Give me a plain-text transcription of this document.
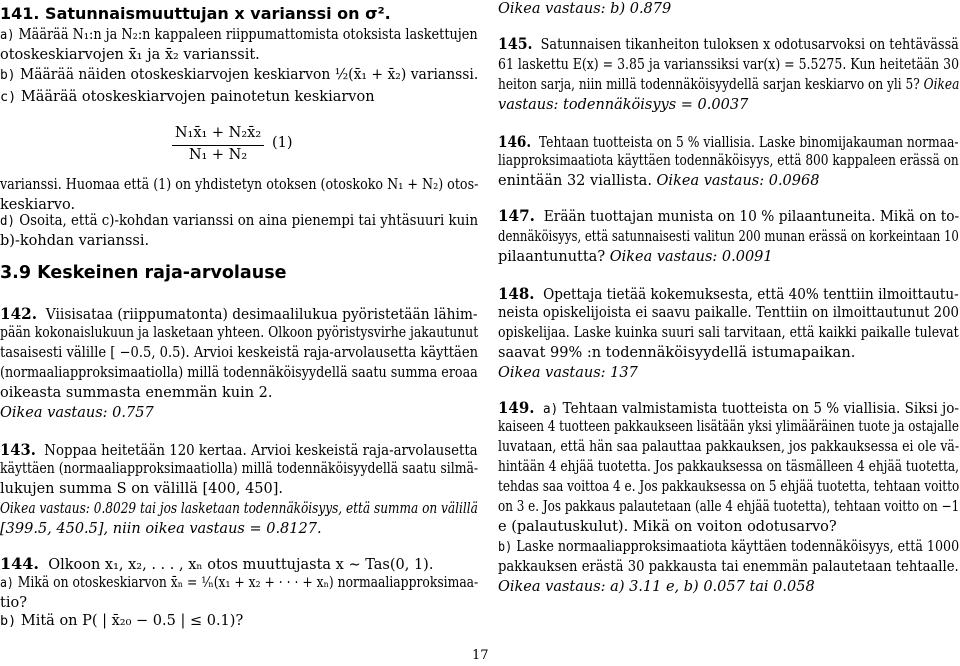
141. Satunnaismuuttujan x varianssi on σ².
a) Määrää N₁:n ja N₂:n kappaleen riippumattomista otoksista laskettujen
otoskeskiarvojen x̄₁ ja x̄₂ varianssit.
b) Määrää näiden otoskeskiarvojen keskiarvon ½(x̄₁ + x̄₂) varianssi.
c) Määrää otoskeskiarvojen painotetun keskiarvon
$\frac{\text{N₁x̄₁ + N₂x̄₂}}{\text{N₁ + N₂}} (1)$
varianssi. Huomaa että (1) on yhdistetyn otoksen (otoskoko N₁ + N₂) otos-
keskiarvo.
d) Osoita, että c)-kohdan varianssi on aina pienempi tai yhtäsuuri kuin
b)-kohdan varianssi.
3.9 Keskeinen raja-arvolause
142. Viisisataa (riippumatonta) desimaalilukua pyöristetään lähim-
pään kokonaislukuun ja lasketaan yhteen. Olkoon pyöristysvirhe jakautunut
tasaisesti välille [ −0.5, 0.5). Arvioi keskeistä raja-arvolausetta käyttäen
(normaaliapproksimaatiolla) millä todennäköisyydellä saatu summa eroaa
oikeasta summasta enemmän kuin 2.
Oikea vastaus: 0.757
143. Noppaa heitetään 120 kertaa. Arvioi keskeistä raja-arvolausetta
käyttäen (normaaliapproksimaatiolla) millä todennäköisyydellä saatu silmä-
lukujen summa S on välillä [400, 450].
Oikea vastaus: 0.8029 tai jos lasketaan todennäköisyys, että summa on välillä
[399.5, 450.5], niin oikea vastaus = 0.8127.
144. Olkoon x₁, x₂, . . . , xₙ otos muuttujasta x ∼ Tas(0, 1).
a) Mikä on otoskeskiarvon x̄ₙ = ¹⁄ₙ(x₁ + x₂ + · · · + xₙ) normaaliapproksimaa-
tio?
b) Mitä on P( | x̄₂₀ − 0.5 | ≤ 0.1)?
Oikea vastaus: b) 0.879
145. Satunnaisen tikanheiton tuloksen x odotusarvoksi on tehtävässä
61 laskettu E(x) = 3.85 ja varianssiksi var(x) = 5.5275. Kun heitetään 30
heiton sarja, niin millä todennäköisyydellä sarjan keskiarvo on yli 5? Oikea
vastaus: todennäköisyys = 0.0037
146. Tehtaan tuotteista on 5 % viallisia. Laske binomijakauman normaa-
liapproksimaatiota käyttäen todennäköisyys, että 800 kappaleen erässä on
enintään 32 viallista. Oikea vastaus: 0.0968
147. Erään tuottajan munista on 10 % pilaantuneita. Mikä on to-
dennäköisyys, että satunnaisesti valitun 200 munan erässä on korkeintaan 10
pilaantunutta? Oikea vastaus: 0.0091
148. Opettaja tietää kokemuksesta, että 40% tenttiin ilmoittautu-
neista opiskelijoista ei saavu paikalle. Tenttiin on ilmoittautunut 200
opiskelijaa. Laske kuinka suuri sali tarvitaan, että kaikki paikalle tulevat
saavat 99% :n todennäköisyydellä istumapaikan.
Oikea vastaus: 137
149. a) Tehtaan valmistamista tuotteista on 5 % viallisia. Siksi jo-
kaiseen 4 tuotteen pakkaukseen lisätään yksi ylimääräinen tuote ja ostajalle
luvataan, että hän saa palauttaa pakkauksen, jos pakkauksessa ei ole vä-
hintään 4 ehjää tuotetta. Jos pakkauksessa on täsmälleen 4 ehjää tuotetta,
tehdas saa voittoa 4 e. Jos pakkauksessa on 5 ehjää tuotetta, tehtaan voitto
on 3 e. Jos pakkaus palautetaan (alle 4 ehjää tuotetta), tehtaan voitto on −1
e (palautuskulut). Mikä on voiton odotusarvo?
b) Laske normaaliapproksimaatiota käyttäen todennäköisyys, että 1000
pakkauksen erästä 30 pakkausta tai enemmän palautetaan tehtaalle.
Oikea vastaus: a) 3.11 e, b) 0.057 tai 0.058
17
